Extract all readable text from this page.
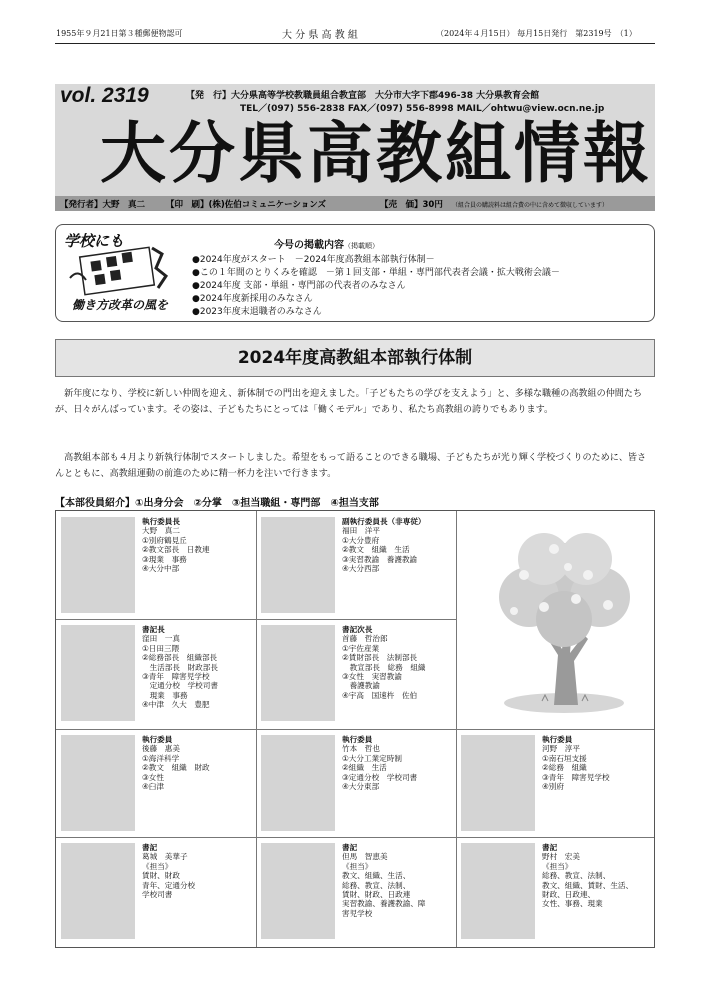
1955年９月21日第３種郵便物認可	大 分 県 高 教 組	（2024年４月15日） 毎月15日発行　第2319号　（1）
vol. 2319	【発　行】大分県高等学校教職員組合教宣部　大分市大字下郡496-38 大分県教育会館
TEL／(097) 556-2838 FAX／(097) 556-8998 MAIL／ohtwu@view.ocn.ne.jp
大分県高教組情報
【発行者】大野　真二 【印　刷】(株)佐伯コミュニケーションズ	【売　価】30円 （組合員の購読料は組合費の中に含めて徴収しています）
学校にも
働き方改革の風を
今号の掲載内容（掲載順）
●2024年度がスタート　－2024年度高教組本部執行体制－
●この１年間のとりくみを確認　－第１回支部・単組・専門部代表者会議・拡大戦術会議－
●2024年度 支部・単組・専門部の代表者のみなさん
●2024年度新採用のみなさん
●2023年度末退職者のみなさん
2024年度高教組本部執行体制
新年度になり、学校に新しい仲間を迎え、新体制での門出を迎えました。「子どもたちの学びを支えよう」と、多様な職種の高教組の仲間たちが、日々がんばっています。その姿は、子どもたちにとっては「働くモデル」であり、私たち高教組の誇りでもあります。
高教組本部も４月より新執行体制でスタートしました。希望をもって語ることのできる職場、子どもたちが光り輝く学校づくりのために、皆さんとともに、高教組運動の前進のために精一杯力を注いで行きます。
【本部役員紹介】①出身分会　②分掌　③担当職組・専門部　④担当支部
執行委員長
大野　真二
①別府鶴見丘
②教文部長　日教連
③現業　事務
④大分中部
副執行委員長（非専従）
福田　洋平
①大分豊府
②教文　組織　生活
③実習教諭　養護教諭
④大分西部
書記長
窪田　一真
①日田三隈
②総務部長　組織部長
　生活部長　財政部長
③青年　障害児学校
　定通分校　学校司書
　現業　事務
④中津　久大　豊肥
書記次長
首藤　哲治郎
①宇佐産業
②賃財部長　法制部長
　教宣部長　総務　組織
③女性　実習教諭
　養護教諭
④宇高　国速杵　佐伯
執行委員
後藤　惠美
①海洋科学
②教文　組織　財政
③女性
④臼津
執行委員
竹本　哲也
①大分工業定時制
②組織　生活
③定通分校　学校司書
④大分東部
執行委員
河野　淳平
①南石垣支援
②総務　組織
③青年　障害児学校
④別府
書記
葛城　美華子
《担当》
賃財、財政
青年、定通分校
学校司書
書記
但馬　智恵美
《担当》
教文、組織、生活、
総務、教宣、法制、
賃財、財政、日政連
実習教諭、養護教諭、障
害児学校
書記
野村　宏美
《担当》
総務、教宣、法制、
教文、組織、賃財、生活、
財政、日政連、
女性、事務、現業
